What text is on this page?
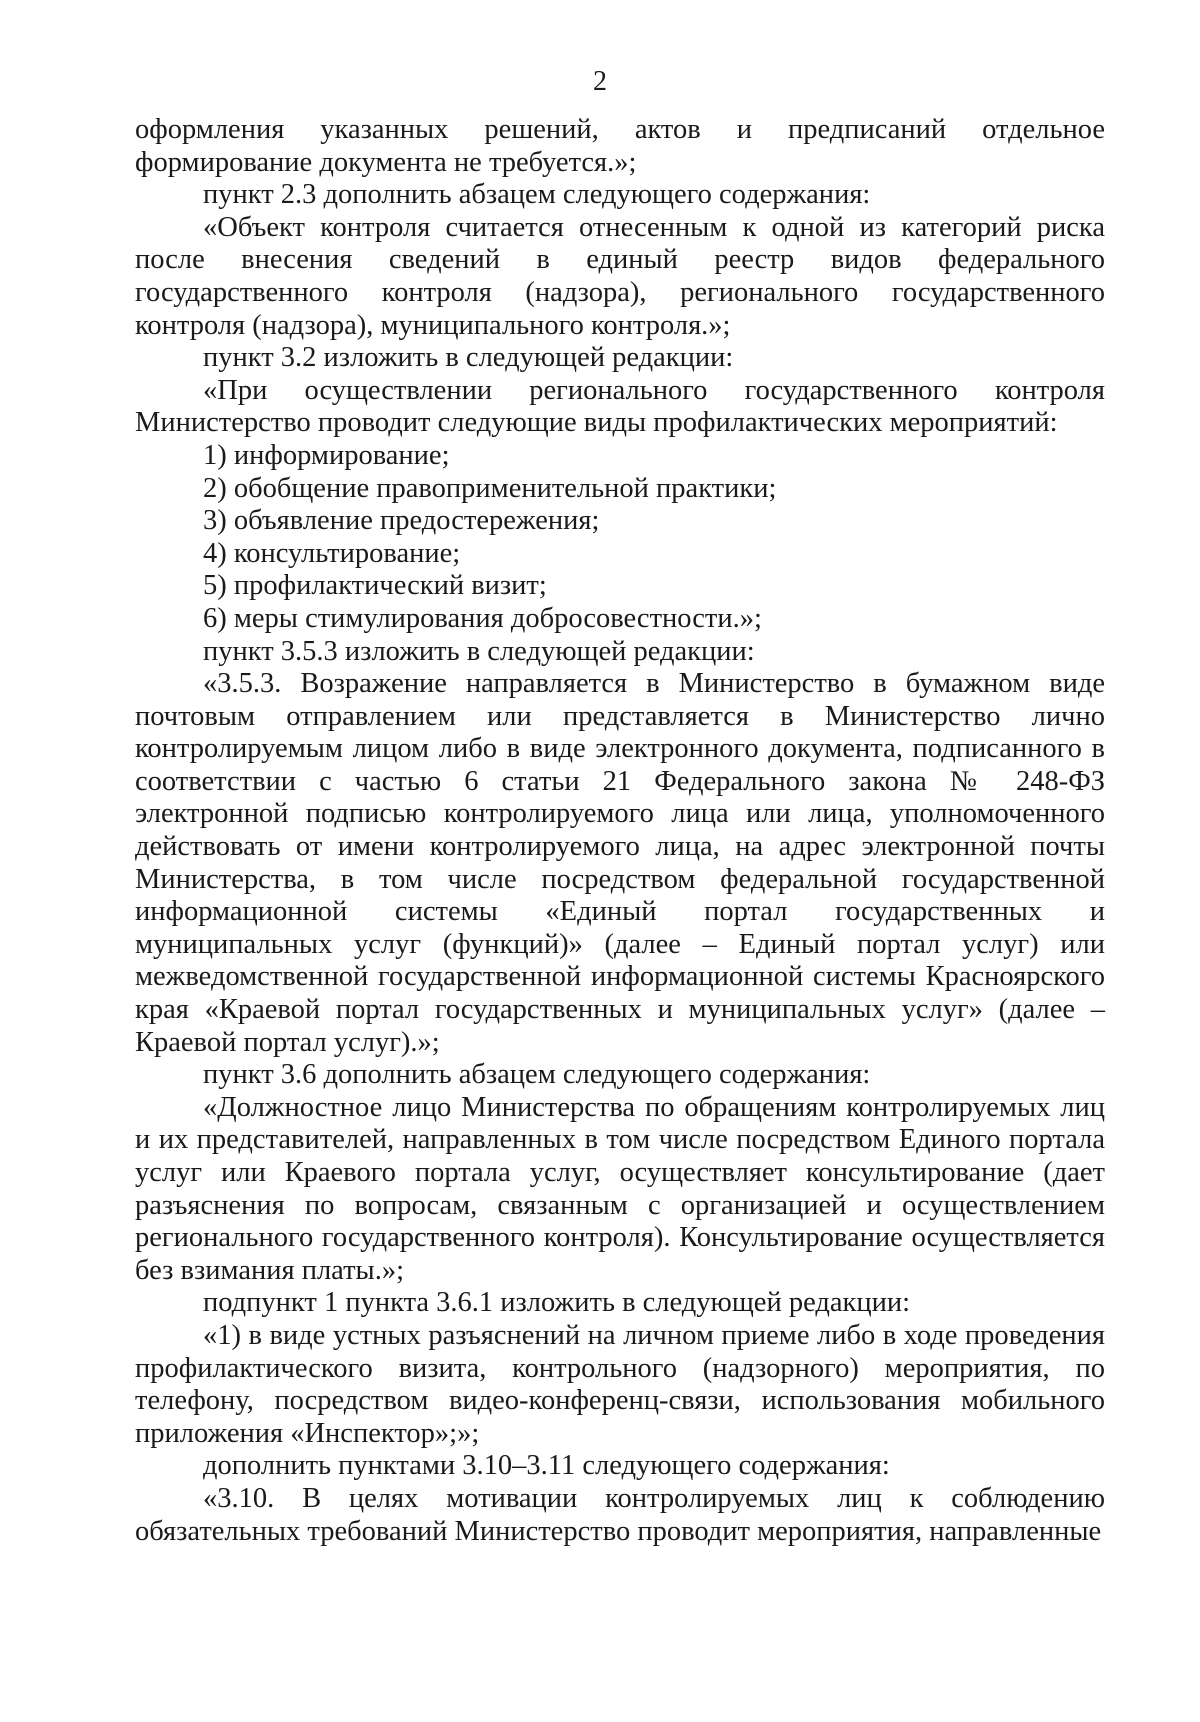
2

оформления указанных решений, актов и предписаний отдельное формирование документа не требуется.»;

пункт 2.3 дополнить абзацем следующего содержания:

«Объект контроля считается отнесенным к одной из категорий риска после внесения сведений в единый реестр видов федерального государственного контроля (надзора), регионального государственного контроля (надзора), муниципального контроля.»;

пункт 3.2 изложить в следующей редакции:

«При осуществлении регионального государственного контроля Министерство проводит следующие виды профилактических мероприятий:

1) информирование;

2) обобщение правоприменительной практики;

3) объявление предостережения;

4) консультирование;

5) профилактический визит;

6) меры стимулирования добросовестности.»;

пункт 3.5.3 изложить в следующей редакции:

«3.5.3. Возражение направляется в Министерство в бумажном виде почтовым отправлением или представляется в Министерство лично контролируемым лицом либо в виде электронного документа, подписанного в соответствии с частью 6 статьи 21 Федерального закона № 248-ФЗ электронной подписью контролируемого лица или лица, уполномоченного действовать от имени контролируемого лица, на адрес электронной почты Министерства, в том числе посредством федеральной государственной информационной системы «Единый портал государственных и муниципальных услуг (функций)» (далее – Единый портал услуг) или межведомственной государственной информационной системы Красноярского края «Краевой портал государственных и муниципальных услуг» (далее – Краевой портал услуг).»;

пункт 3.6 дополнить абзацем следующего содержания:

«Должностное лицо Министерства по обращениям контролируемых лиц и их представителей, направленных в том числе посредством Единого портала услуг или Краевого портала услуг, осуществляет консультирование (дает разъяснения по вопросам, связанным с организацией и осуществлением регионального государственного контроля). Консультирование осуществляется без взимания платы.»;

подпункт 1 пункта 3.6.1 изложить в следующей редакции:

«1) в виде устных разъяснений на личном приеме либо в ходе проведения профилактического визита, контрольного (надзорного) мероприятия, по телефону, посредством видео-конференц-связи, использования мобильного приложения «Инспектор»;»;

дополнить пунктами 3.10–3.11 следующего содержания:

«3.10. В целях мотивации контролируемых лиц к соблюдению обязательных требований Министерство проводит мероприятия, направленные
